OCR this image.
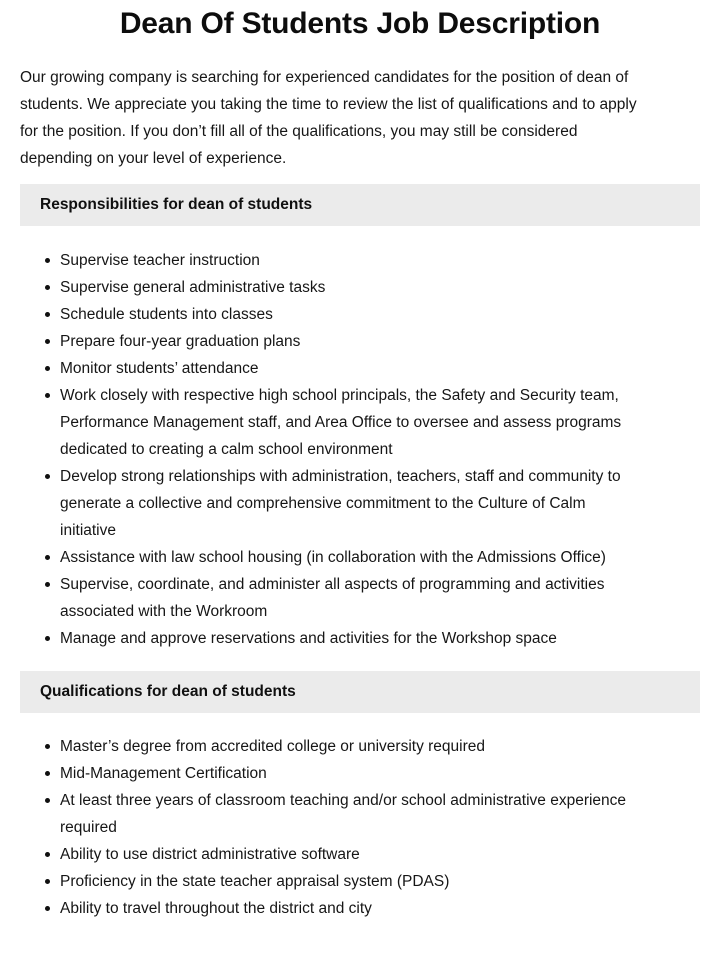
Dean Of Students Job Description

Our growing company is searching for experienced candidates for the position of dean of students. We appreciate you taking the time to review the list of qualifications and to apply for the position. If you don’t fill all of the qualifications, you may still be considered depending on your level of experience.

Responsibilities for dean of students
Supervise teacher instruction
Supervise general administrative tasks
Schedule students into classes
Prepare four-year graduation plans
Monitor students’ attendance
Work closely with respective high school principals, the Safety and Security team, Performance Management staff, and Area Office to oversee and assess programs dedicated to creating a calm school environment
Develop strong relationships with administration, teachers, staff and community to generate a collective and comprehensive commitment to the Culture of Calm initiative
Assistance with law school housing (in collaboration with the Admissions Office)
Supervise, coordinate, and administer all aspects of programming and activities associated with the Workroom
Manage and approve reservations and activities for the Workshop space
Qualifications for dean of students
Master’s degree from accredited college or university required
Mid-Management Certification
At least three years of classroom teaching and/or school administrative experience required
Ability to use district administrative software
Proficiency in the state teacher appraisal system (PDAS)
Ability to travel throughout the district and city
